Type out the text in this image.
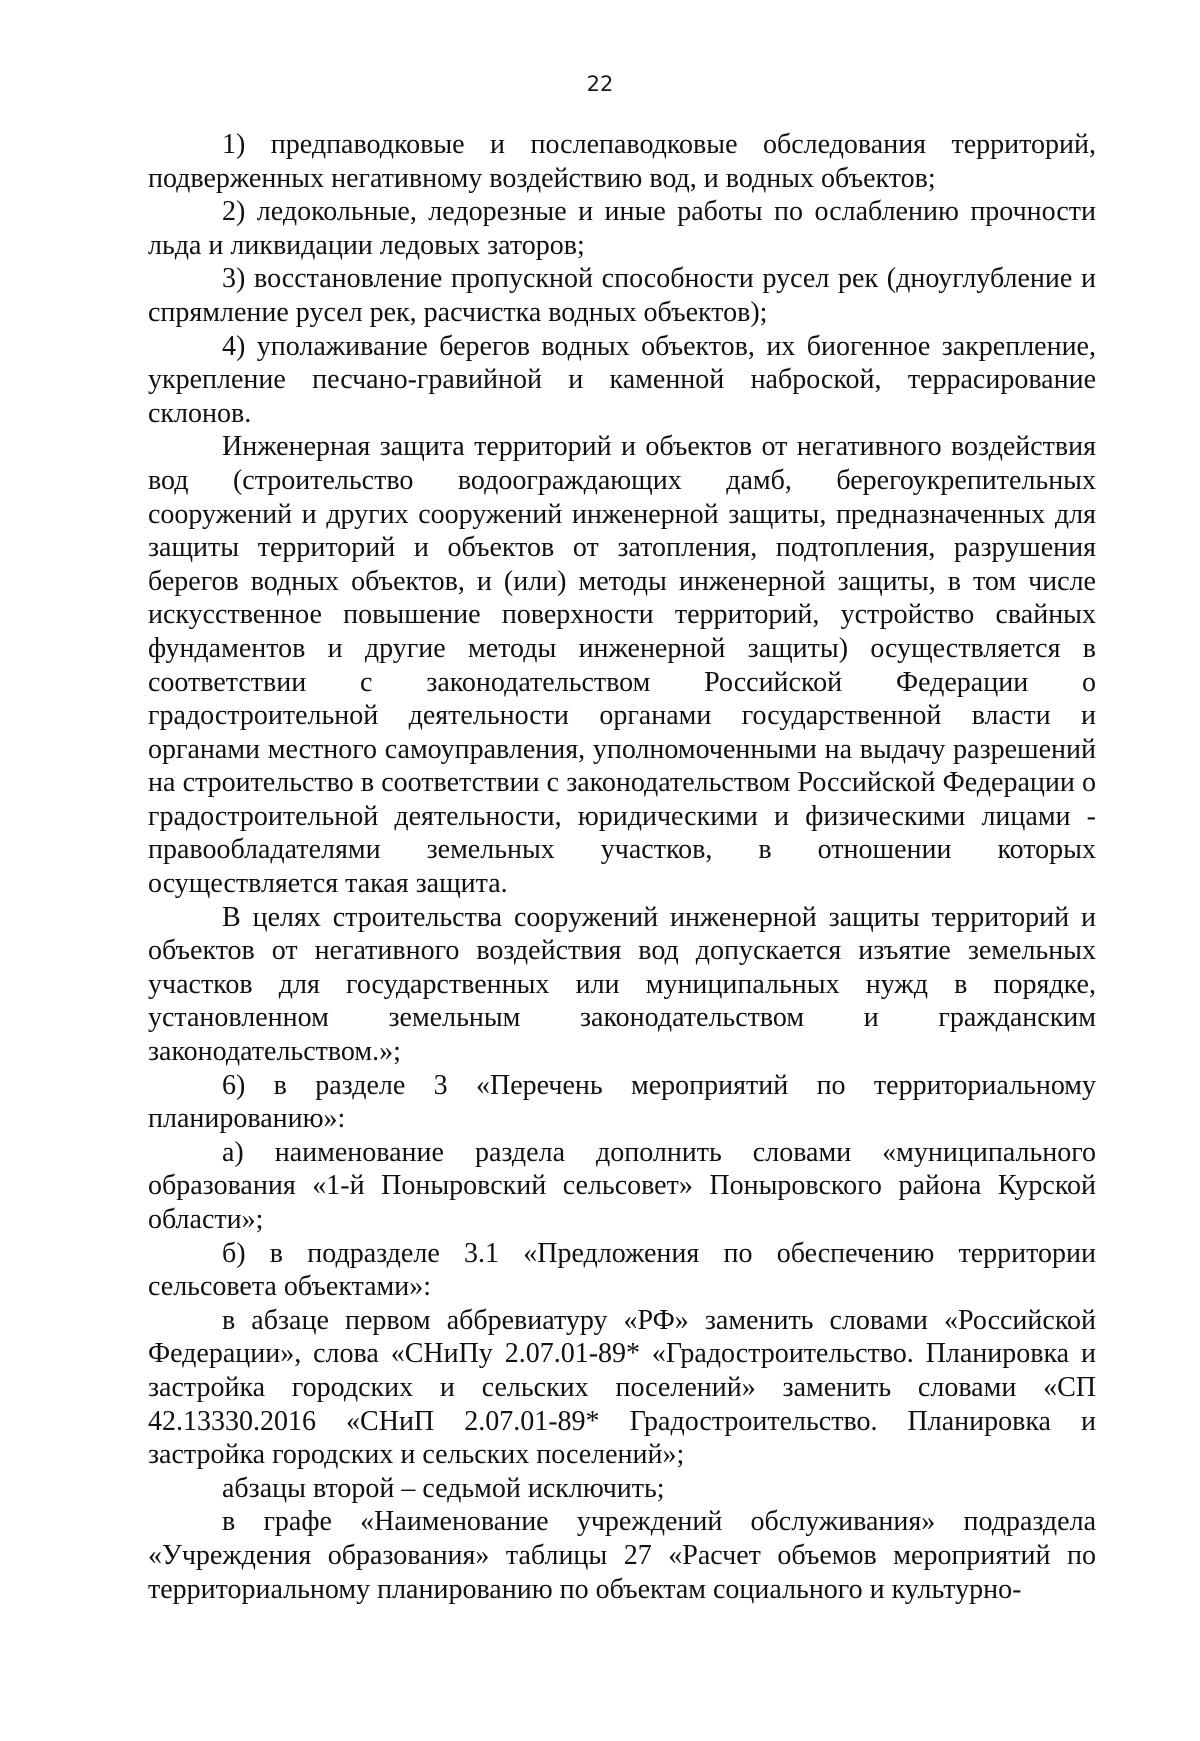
22

1) предпаводковые и послепаводковые обследования территорий, подверженных негативному воздействию вод, и водных объектов;

2) ледокольные, ледорезные и иные работы по ослаблению прочности льда и ликвидации ледовых заторов;

3) восстановление пропускной способности русел рек (дноуглубление и спрямление русел рек, расчистка водных объектов);

4) уполаживание берегов водных объектов, их биогенное закрепление, укрепление песчано-гравийной и каменной наброской, террасирование склонов.

Инженерная защита территорий и объектов от негативного воздействия вод (строительство водоограждающих дамб, берегоукрепительных сооружений и других сооружений инженерной защиты, предназначенных для защиты территорий и объектов от затопления, подтопления, разрушения берегов водных объектов, и (или) методы инженерной защиты, в том числе искусственное повышение поверхности территорий, устройство свайных фундаментов и другие методы инженерной защиты) осуществляется в соответствии с законодательством Российской Федерации о градостроительной деятельности органами государственной власти и органами местного самоуправления, уполномоченными на выдачу разрешений на строительство в соответствии с законодательством Российской Федерации о градостроительной деятельности, юридическими и физическими лицами - правообладателями земельных участков, в отношении которых осуществляется такая защита.

В целях строительства сооружений инженерной защиты территорий и объектов от негативного воздействия вод допускается изъятие земельных участков для государственных или муниципальных нужд в порядке, установленном земельным законодательством и гражданским законодательством.»;

6) в разделе 3 «Перечень мероприятий по территориальному планированию»:

а) наименование раздела дополнить словами «муниципального образования «1-й Поныровский сельсовет» Поныровского района Курской области»;

б) в подразделе 3.1 «Предложения по обеспечению территории сельсовета объектами»:

в абзаце первом аббревиатуру «РФ» заменить словами «Российской Федерации», слова «СНиПу 2.07.01-89* «Градостроительство. Планировка и застройка городских и сельских поселений» заменить словами «СП 42.13330.2016 «СНиП 2.07.01-89* Градостроительство. Планировка и застройка городских и сельских поселений»;

абзацы второй – седьмой исключить;

в графе «Наименование учреждений обслуживания» подраздела «Учреждения образования» таблицы 27 «Расчет объемов мероприятий по территориальному планированию по объектам социального и культурно-
